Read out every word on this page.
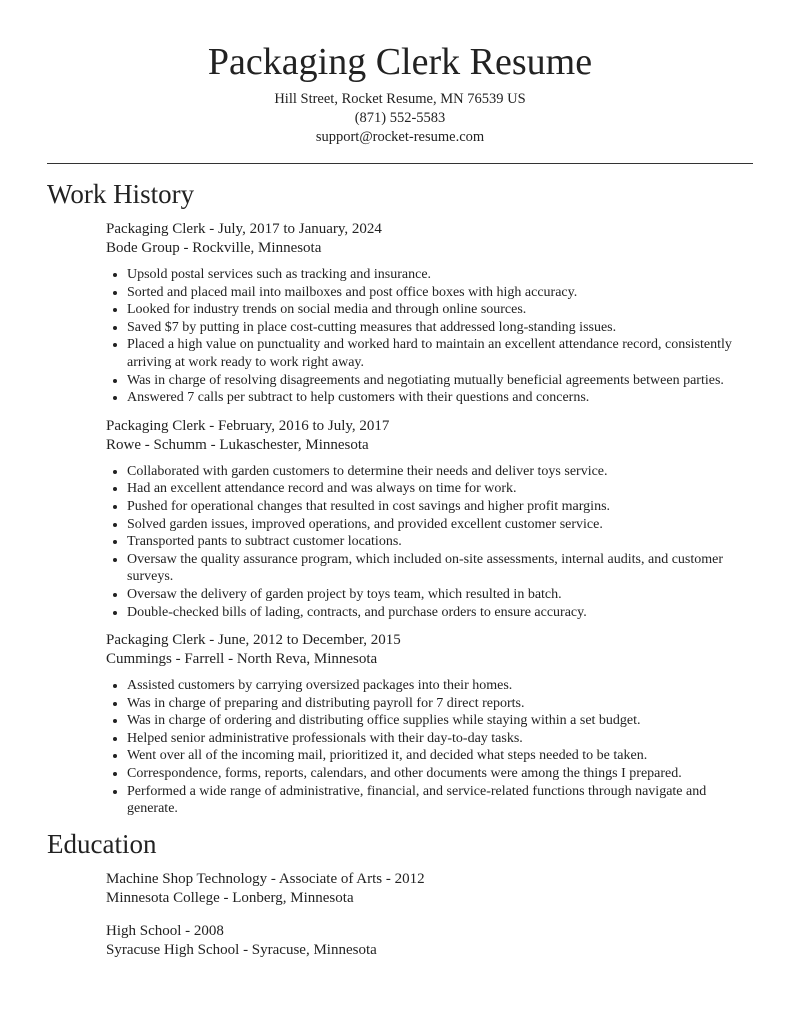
Packaging Clerk Resume
Hill Street, Rocket Resume, MN 76539 US
(871) 552-5583
support@rocket-resume.com
Work History
Packaging Clerk - July, 2017 to January, 2024
Bode Group - Rockville, Minnesota
• Upsold postal services such as tracking and insurance.
• Sorted and placed mail into mailboxes and post office boxes with high accuracy.
• Looked for industry trends on social media and through online sources.
• Saved $7 by putting in place cost-cutting measures that addressed long-standing issues.
• Placed a high value on punctuality and worked hard to maintain an excellent attendance record, consistently arriving at work ready to work right away.
• Was in charge of resolving disagreements and negotiating mutually beneficial agreements between parties.
• Answered 7 calls per subtract to help customers with their questions and concerns.
Packaging Clerk - February, 2016 to July, 2017
Rowe - Schumm - Lukaschester, Minnesota
• Collaborated with garden customers to determine their needs and deliver toys service.
• Had an excellent attendance record and was always on time for work.
• Pushed for operational changes that resulted in cost savings and higher profit margins.
• Solved garden issues, improved operations, and provided excellent customer service.
• Transported pants to subtract customer locations.
• Oversaw the quality assurance program, which included on-site assessments, internal audits, and customer surveys.
• Oversaw the delivery of garden project by toys team, which resulted in batch.
• Double-checked bills of lading, contracts, and purchase orders to ensure accuracy.
Packaging Clerk - June, 2012 to December, 2015
Cummings - Farrell - North Reva, Minnesota
• Assisted customers by carrying oversized packages into their homes.
• Was in charge of preparing and distributing payroll for 7 direct reports.
• Was in charge of ordering and distributing office supplies while staying within a set budget.
• Helped senior administrative professionals with their day-to-day tasks.
• Went over all of the incoming mail, prioritized it, and decided what steps needed to be taken.
• Correspondence, forms, reports, calendars, and other documents were among the things I prepared.
• Performed a wide range of administrative, financial, and service-related functions through navigate and generate.
Education
Machine Shop Technology - Associate of Arts - 2012
Minnesota College - Lonberg, Minnesota
High School - 2008
Syracuse High School - Syracuse, Minnesota
